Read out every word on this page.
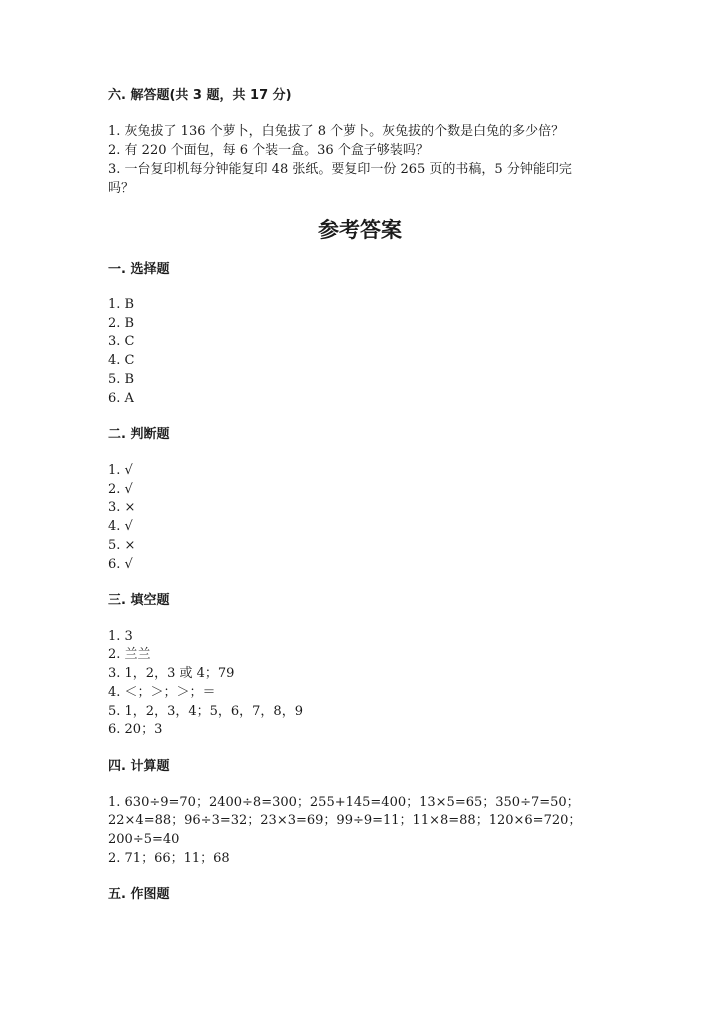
六. 解答题(共 3 题，共 17 分)
1. 灰兔拔了 136 个萝卜，白兔拔了 8 个萝卜。灰兔拔的个数是白兔的多少倍？
2. 有 220 个面包，每 6 个装一盒。36 个盒子够装吗？
3. 一台复印机每分钟能复印 48 张纸。要复印一份 265 页的书稿，5 分钟能印完
吗？
参考答案
一. 选择题
1. B
2. B
3. C
4. C
5. B
6. A
二. 判断题
1. √
2. √
3. ×
4. √
5. ×
6. √
三. 填空题
1. 3
2. 兰兰
3. 1，2，3 或 4；79
4. ＜；＞；＞；＝
5. 1，2，3，4；5，6，7，8，9
6. 20；3
四. 计算题
1. 630÷9=70；2400÷8=300；255+145=400；13×5=65；350÷7=50；
22×4=88；96÷3=32；23×3=69；99÷9=11；11×8=88；120×6=720；
200÷5=40
2. 71；66；11；68
五. 作图题
